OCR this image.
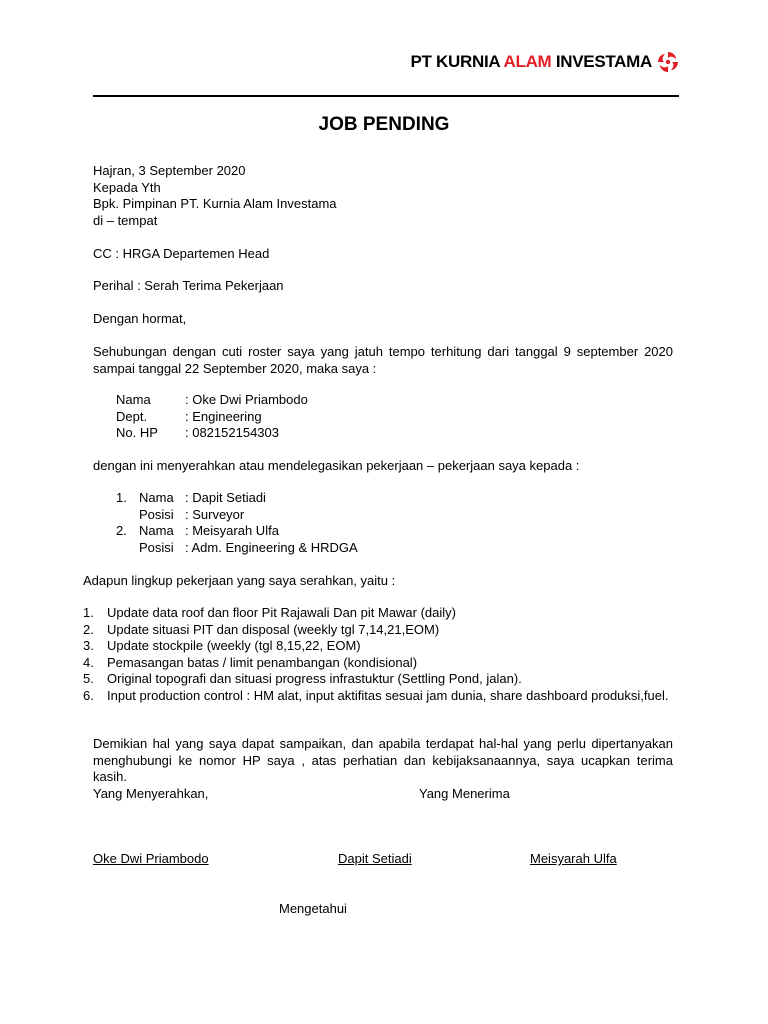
PT KURNIA ALAM INVESTAMA
JOB PENDING
Hajran, 3 September 2020
Kepada Yth
Bpk. Pimpinan PT. Kurnia Alam Investama
di – tempat
CC : HRGA Departemen Head
Perihal : Serah Terima Pekerjaan
Dengan hormat,
Sehubungan dengan cuti roster saya yang jatuh tempo terhitung dari tanggal 9 september 2020 sampai tanggal 22 September 2020, maka saya :
Nama	: Oke Dwi Priambodo
Dept.	: Engineering
No. HP	: 082152154303
dengan ini menyerahkan atau mendelegasikan pekerjaan – pekerjaan saya kepada :
1.	Nama	: Dapit Setiadi
	Posisi	: Surveyor
2.	Nama	: Meisyarah Ulfa
	Posisi	: Adm. Engineering & HRDGA
Adapun lingkup pekerjaan yang saya serahkan, yaitu :
1.	Update data roof dan floor Pit Rajawali Dan pit Mawar (daily)
2.	Update situasi PIT dan disposal (weekly tgl 7,14,21,EOM)
3.	Update stockpile (weekly (tgl 8,15,22, EOM)
4.	Pemasangan batas / limit penambangan (kondisional)
5.	Original topografi dan situasi progress infrastuktur (Settling Pond, jalan).
6.	Input production control : HM alat, input aktifitas sesuai jam dunia, share dashboard produksi,fuel.
Demikian hal yang saya dapat sampaikan, dan apabila terdapat hal-hal yang perlu dipertanyakan menghubungi ke nomor HP saya , atas perhatian dan kebijaksanaannya, saya ucapkan terima kasih.
Yang Menyerahkan,	Yang Menerima
Oke Dwi Priambodo	Dapit Setiadi	Meisyarah Ulfa
Mengetahui
